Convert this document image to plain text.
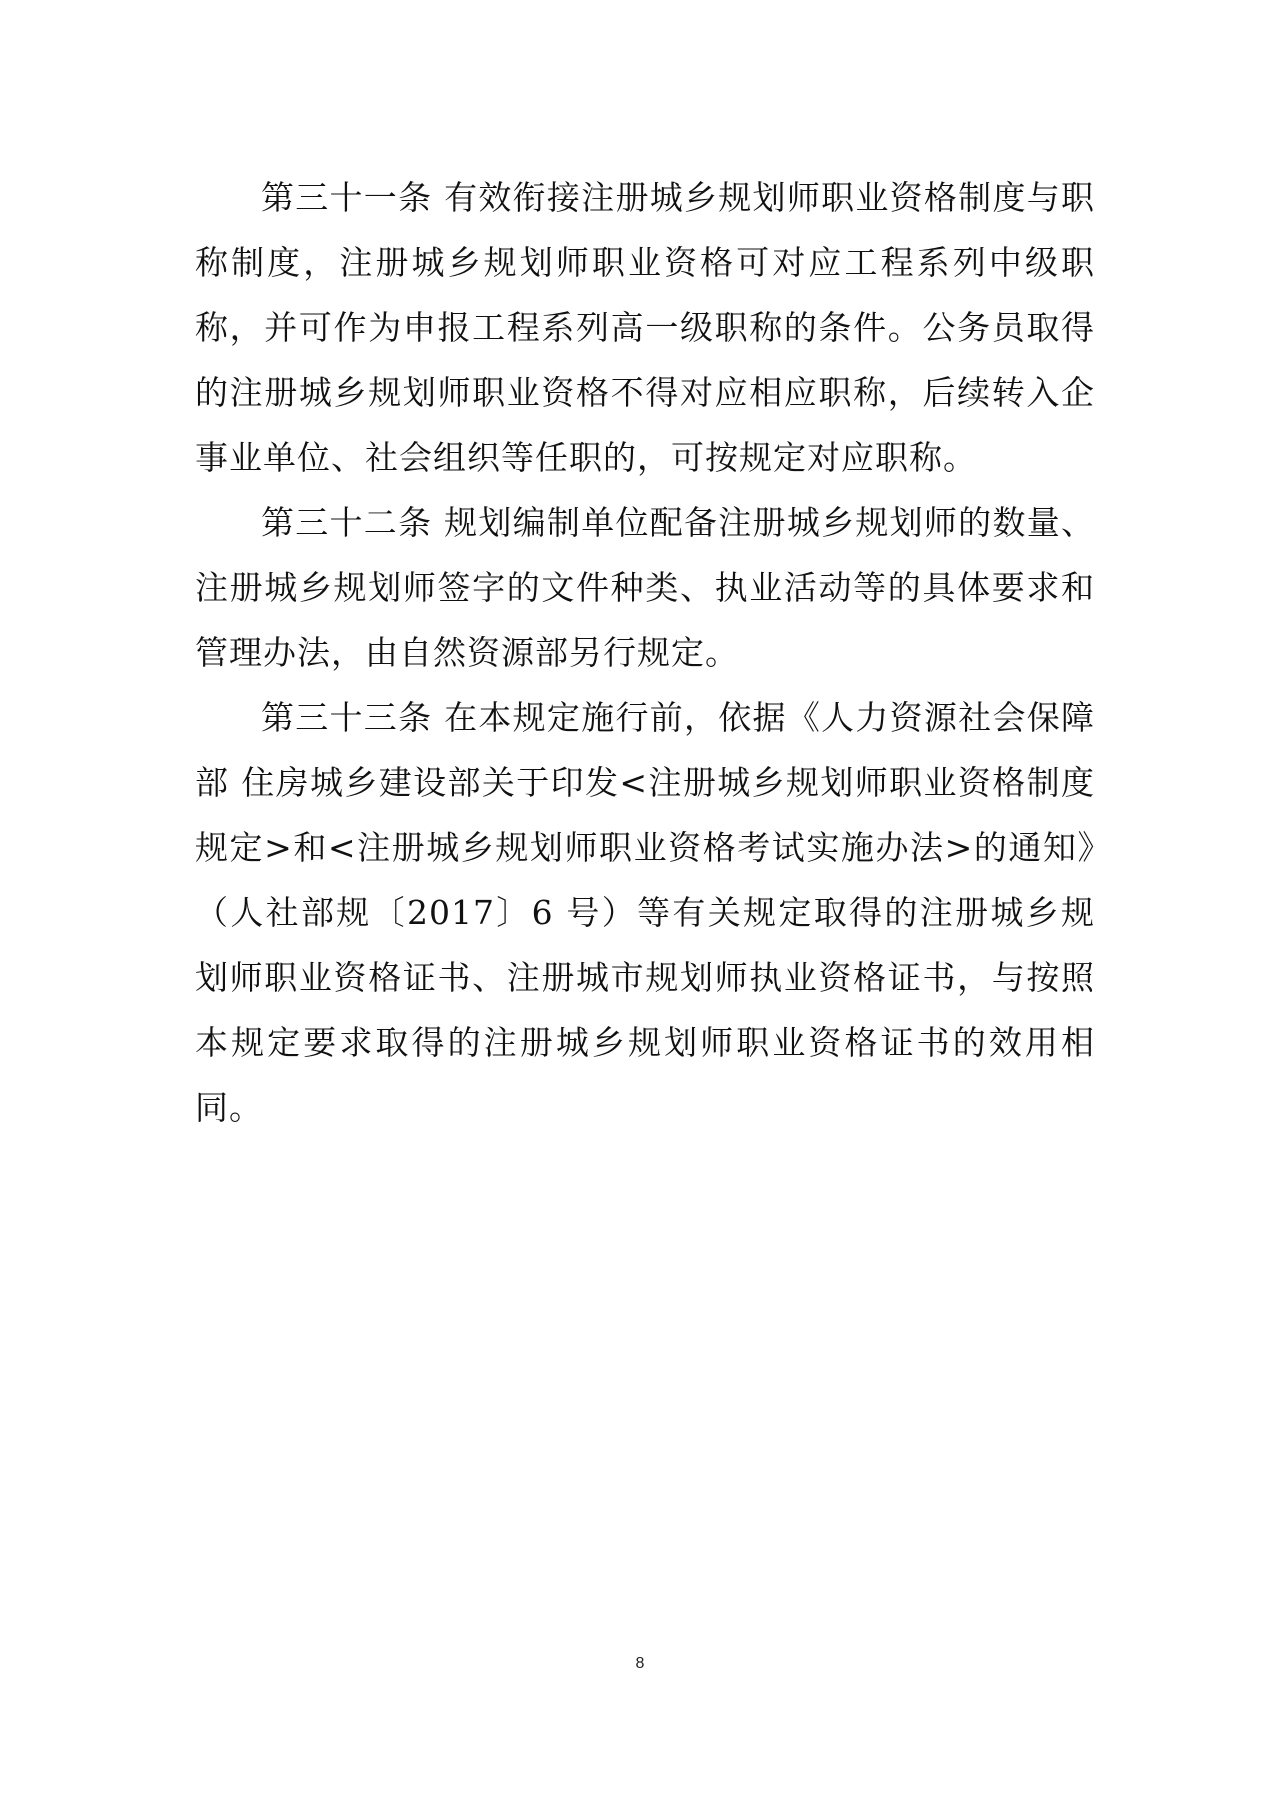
第三十一条 有效衔接注册城乡规划师职业资格制度与职称制度，注册城乡规划师职业资格可对应工程系列中级职称，并可作为申报工程系列高一级职称的条件。公务员取得的注册城乡规划师职业资格不得对应相应职称，后续转入企事业单位、社会组织等任职的，可按规定对应职称。

第三十二条 规划编制单位配备注册城乡规划师的数量、注册城乡规划师签字的文件种类、执业活动等的具体要求和管理办法，由自然资源部另行规定。

第三十三条 在本规定施行前，依据《人力资源社会保障部 住房城乡建设部关于印发<注册城乡规划师职业资格制度规定>和<注册城乡规划师职业资格考试实施办法>的通知》（人社部规〔2017〕6 号）等有关规定取得的注册城乡规划师职业资格证书、注册城市规划师执业资格证书，与按照本规定要求取得的注册城乡规划师职业资格证书的效用相同。

8
